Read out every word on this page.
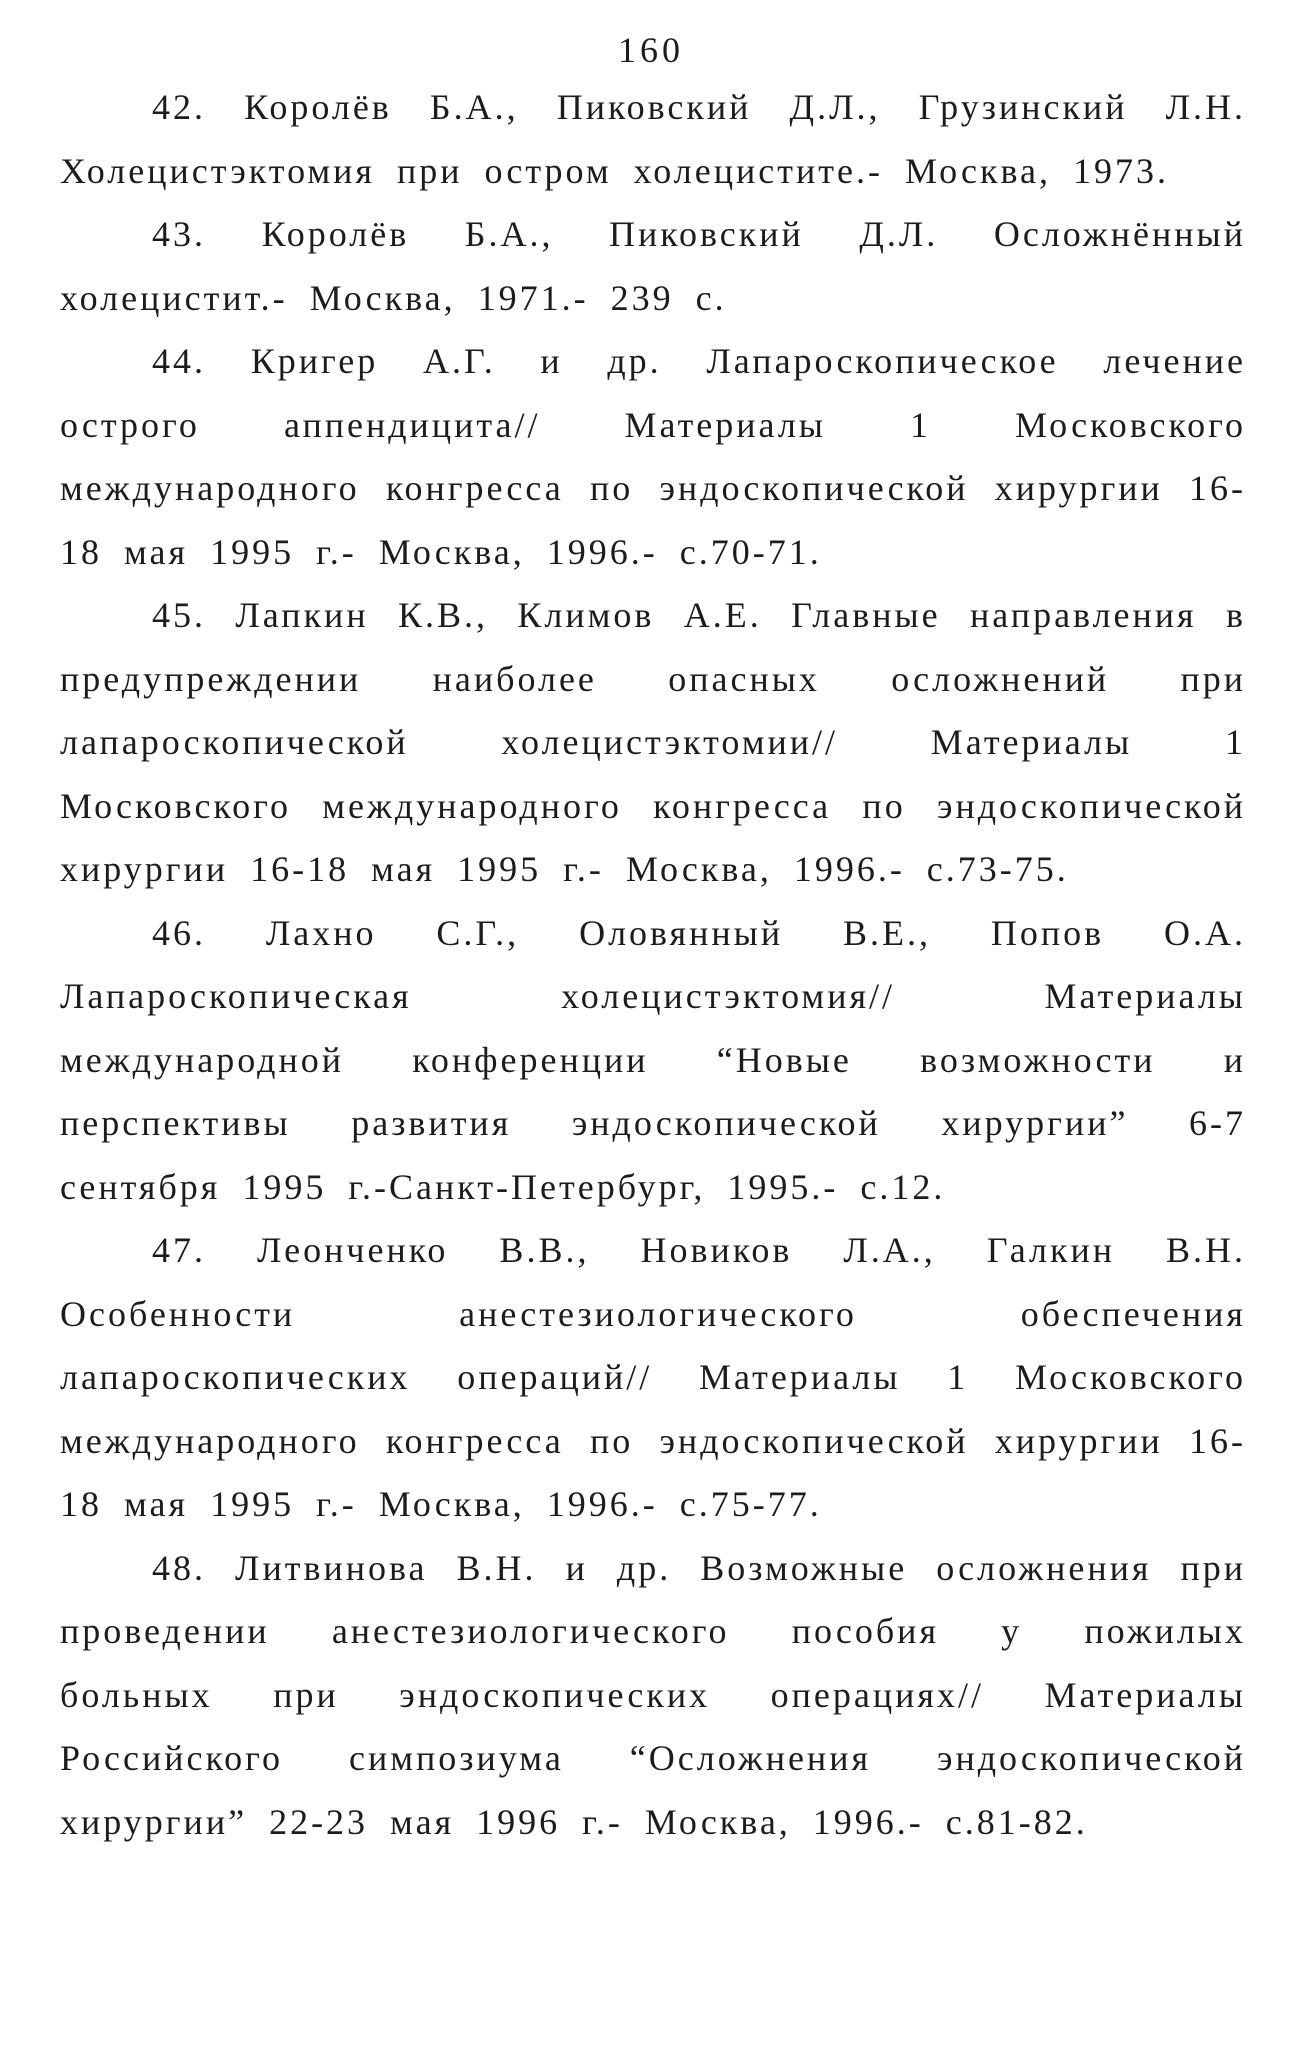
160

42. Королёв Б.А., Пиковский Д.Л., Грузинский Л.Н. Холецистэктомия при остром холецистите.- Москва, 1973.

43. Королёв Б.А., Пиковский Д.Л. Осложнённый холецистит.- Москва, 1971.- 239 с.

44. Кригер А.Г. и др. Лапароскопическое лечение острого аппендицита// Материалы 1 Московского международного конгресса по эндоскопической хирургии 16-18 мая 1995 г.- Москва, 1996.- с.70-71.

45. Лапкин К.В., Климов А.Е. Главные направления в предупреждении наиболее опасных осложнений при лапароскопической холецистэктомии// Материалы 1 Московского международного конгресса по эндоскопической хирургии 16-18 мая 1995 г.- Москва, 1996.- с.73-75.

46. Лахно С.Г., Оловянный В.Е., Попов О.А. Лапароскопическая холецистэктомия// Материалы международной конференции “Новые возможности и перспективы развития эндоскопической хирургии” 6-7 сентября 1995 г.-Санкт-Петербург, 1995.- с.12.

47. Леонченко В.В., Новиков Л.А., Галкин В.Н. Особенности анестезиологического обеспечения лапароскопических операций// Материалы 1 Московского международного конгресса по эндоскопической хирургии 16-18 мая 1995 г.- Москва, 1996.- с.75-77.

48. Литвинова В.Н. и др. Возможные осложнения при проведении анестезиологического пособия у пожилых больных при эндоскопических операциях// Материалы Российского симпозиума “Осложнения эндоскопической хирургии” 22-23 мая 1996 г.- Москва, 1996.- с.81-82.
